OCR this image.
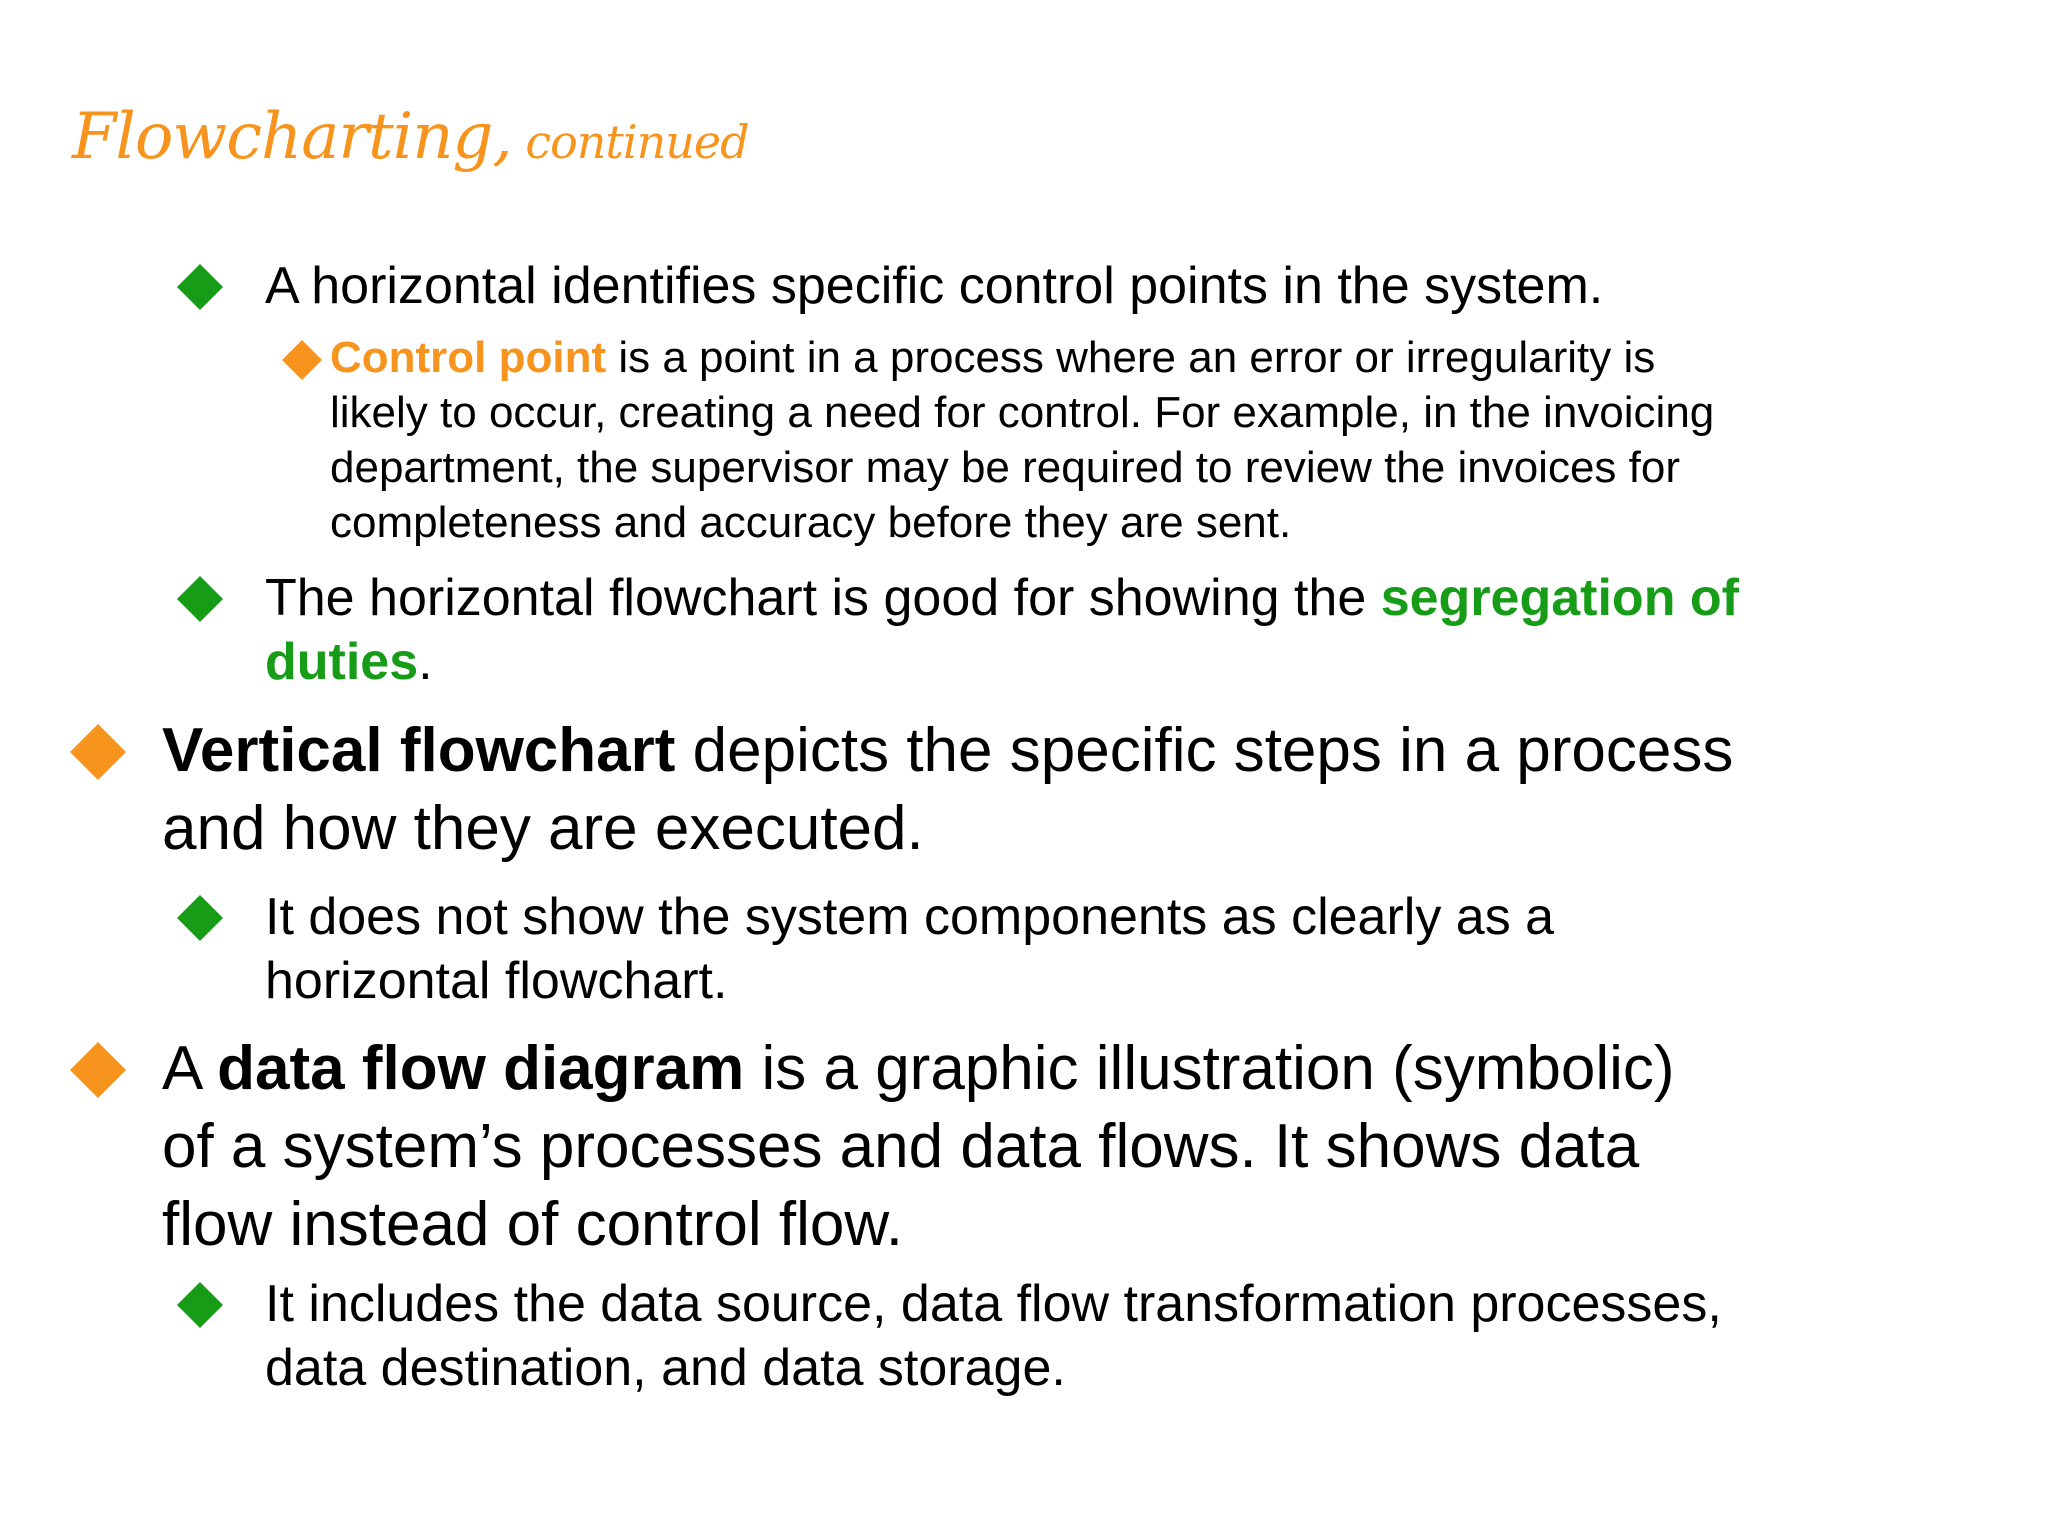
Flowcharting, continued
A horizontal identifies specific control points in the system.
Control point is a point in a process where an error or irregularity is
likely to occur, creating a need for control. For example, in the invoicing
department, the supervisor may be required to review the invoices for
completeness and accuracy before they are sent.
The horizontal flowchart is good for showing the segregation of
duties.
Vertical flowchart depicts the specific steps in a process
and how they are executed.
It does not show the system components as clearly as a
horizontal flowchart.
A data flow diagram is a graphic illustration (symbolic)
of a system’s processes and data flows. It shows data
flow instead of control flow.
It includes the data source, data flow transformation processes,
data destination, and data storage.
